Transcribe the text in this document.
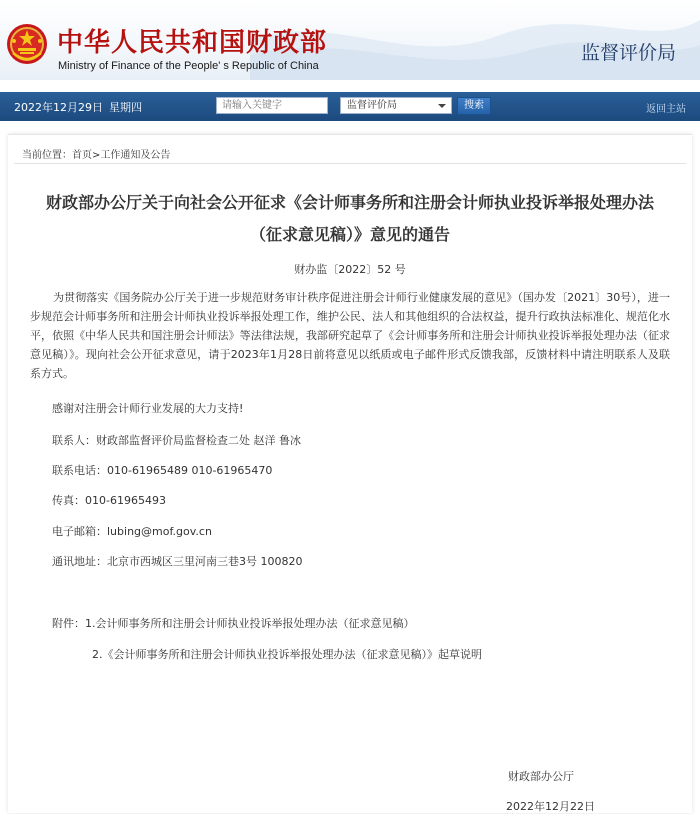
中华人民共和国财政部
Ministry of Finance of the People' s Republic of China
监督评价局
2022年12月29日 星期四
请输入关键字	监督评价局	搜索	返回主站
当前位置：首页>工作通知及公告
财政部办公厅关于向社会公开征求《会计师事务所和注册会计师执业投诉举报处理办法
（征求意见稿）》意见的通告
财办监〔2022〕52 号
为贯彻落实《国务院办公厅关于进一步规范财务审计秩序促进注册会计师行业健康发展的意见》（国办发〔2021〕30号），进一步规范会计师事务所和注册会计师执业投诉举报处理工作，维护公民、法人和其他组织的合法权益，提升行政执法标准化、规范化水平，依照《中华人民共和国注册会计师法》等法律法规，我部研究起草了《会计师事务所和注册会计师执业投诉举报处理办法（征求意见稿）》。现向社会公开征求意见，请于2023年1月28日前将意见以纸质或电子邮件形式反馈我部，反馈材料中请注明联系人及联系方式。
感谢对注册会计师行业发展的大力支持!
联系人：财政部监督评价局监督检查二处 赵洋 鲁冰
联系电话：010-61965489 010-61965470
传真：010-61965493
电子邮箱：lubing@mof.gov.cn
通讯地址：北京市西城区三里河南三巷3号 100820
附件：1.会计师事务所和注册会计师执业投诉举报处理办法（征求意见稿）
2.《会计师事务所和注册会计师执业投诉举报处理办法（征求意见稿）》起草说明
财政部办公厅
2022年12月22日
